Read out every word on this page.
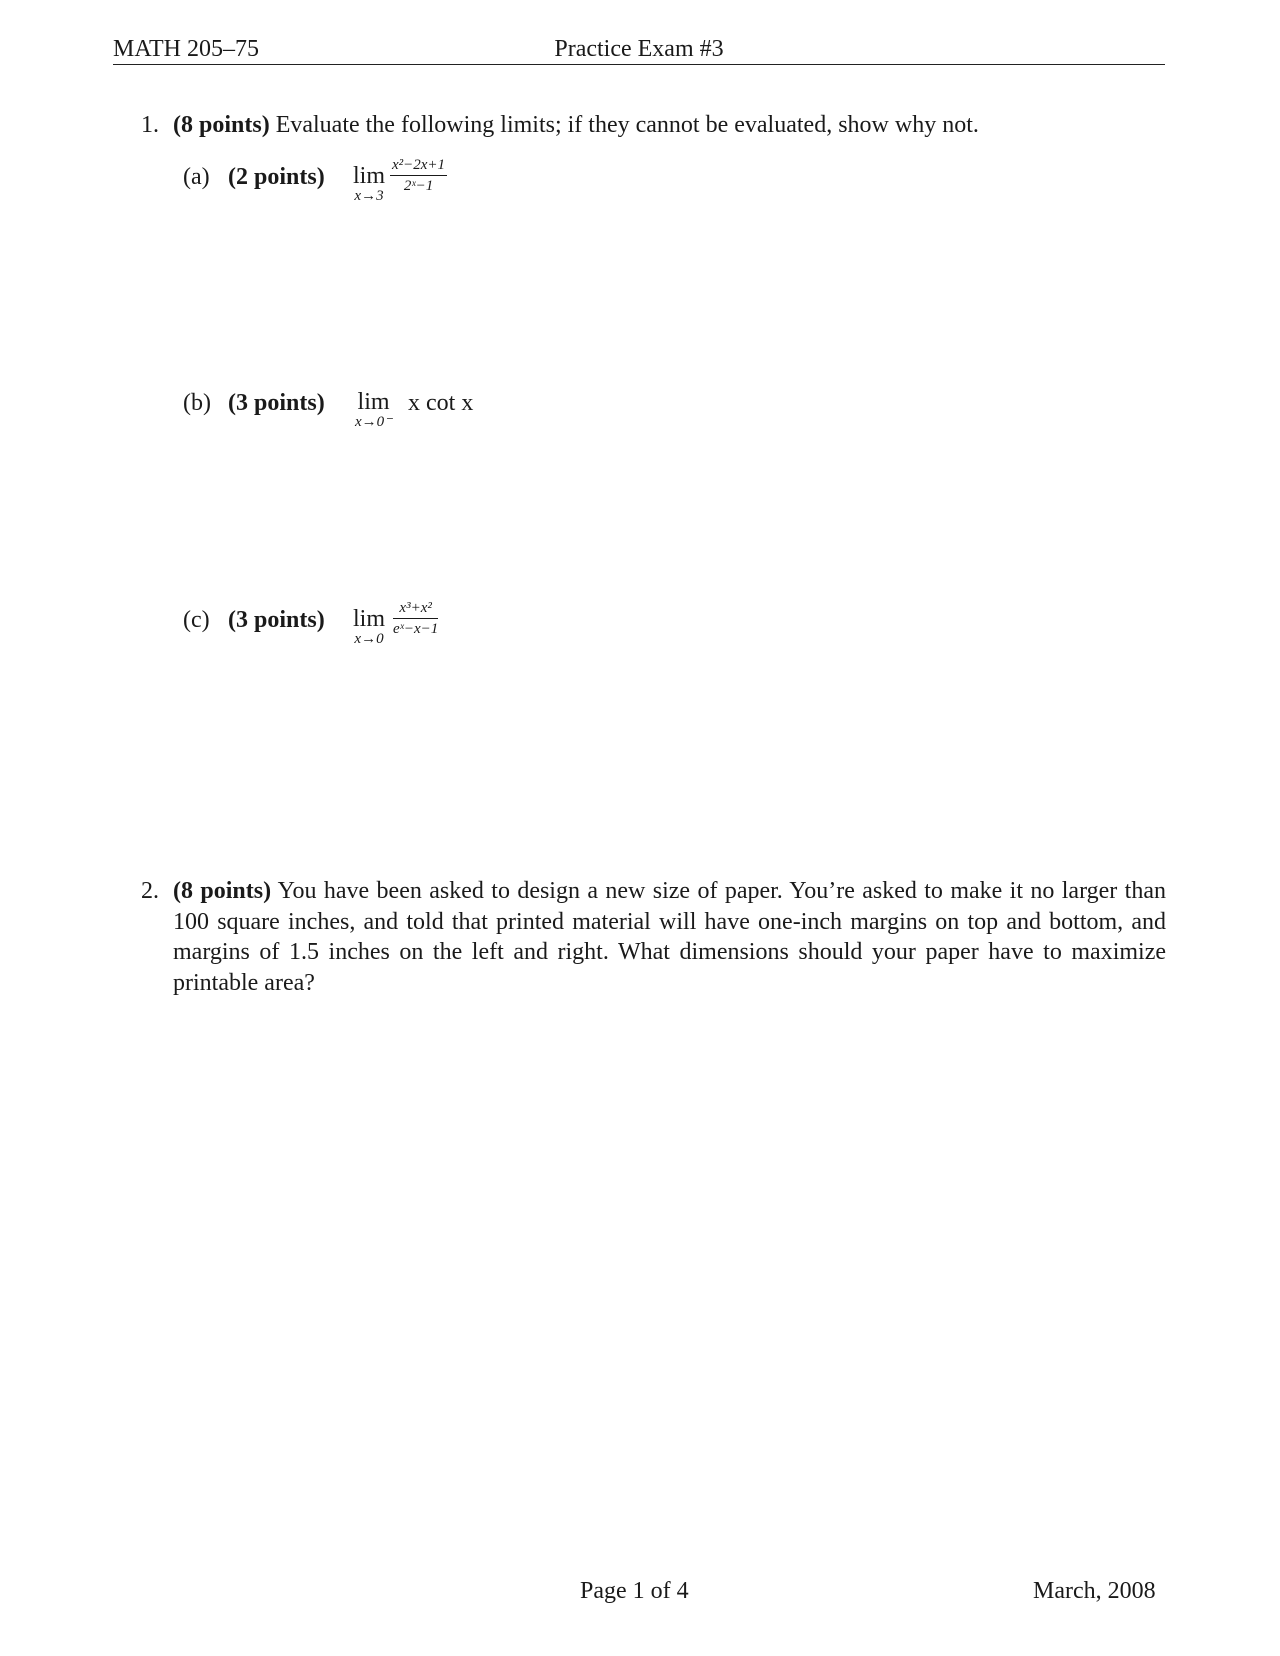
MATH 205–75	Practice Exam #3
1. (8 points) Evaluate the following limits; if they cannot be evaluated, show why not.
(a) (2 points) lim
x→3
$\frac{\text{x²−2x+1}}{\text{2ˣ−1}}$
(b) (3 points) lim
x→0⁻
x cot x
(c) (3 points) lim
x→0
$\frac{\text{x³+x²}}{\text{eˣ−x−1}}$
2. (8 points) You have been asked to design a new size of paper. You’re asked to make it no larger than 100 square inches, and told that printed material will have one-inch margins on top and bottom, and margins of 1.5 inches on the left and right. What dimensions should your paper have to maximize printable area?
Page 1 of 4	March, 2008
